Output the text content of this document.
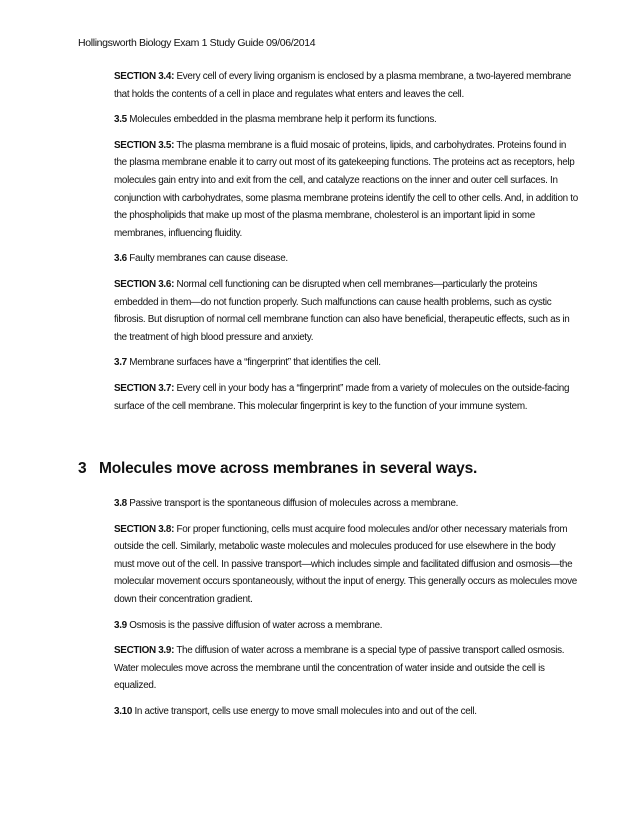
Hollingsworth Biology Exam 1 Study Guide 09/06/2014

SECTION 3.4: Every cell of every living organism is enclosed by a plasma membrane, a two-layered membrane that holds the contents of a cell in place and regulates what enters and leaves the cell.

3.5 Molecules embedded in the plasma membrane help it perform its functions.

SECTION 3.5: The plasma membrane is a fluid mosaic of proteins, lipids, and carbohydrates. Proteins found in the plasma membrane enable it to carry out most of its gatekeeping functions. The proteins act as receptors, help molecules gain entry into and exit from the cell, and catalyze reactions on the inner and outer cell surfaces. In conjunction with carbohydrates, some plasma membrane proteins identify the cell to other cells. And, in addition to the phospholipids that make up most of the plasma membrane, cholesterol is an important lipid in some membranes, influencing fluidity.

3.6 Faulty membranes can cause disease.

SECTION 3.6: Normal cell functioning can be disrupted when cell membranes—particularly the proteins embedded in them—do not function properly. Such malfunctions can cause health problems, such as cystic fibrosis. But disruption of normal cell membrane function can also have beneficial, therapeutic effects, such as in the treatment of high blood pressure and anxiety.

3.7 Membrane surfaces have a “fingerprint” that identifies the cell.

SECTION 3.7: Every cell in your body has a “fingerprint” made from a variety of molecules on the outside-facing surface of the cell membrane. This molecular fingerprint is key to the function of your immune system.

3 Molecules move across membranes in several ways.

3.8 Passive transport is the spontaneous diffusion of molecules across a membrane.

SECTION 3.8: For proper functioning, cells must acquire food molecules and/or other necessary materials from outside the cell. Similarly, metabolic waste molecules and molecules produced for use elsewhere in the body must move out of the cell. In passive transport—which includes simple and facilitated diffusion and osmosis—the molecular movement occurs spontaneously, without the input of energy. This generally occurs as molecules move down their concentration gradient.

3.9 Osmosis is the passive diffusion of water across a membrane.

SECTION 3.9: The diffusion of water across a membrane is a special type of passive transport called osmosis. Water molecules move across the membrane until the concentration of water inside and outside the cell is equalized.

3.10 In active transport, cells use energy to move small molecules into and out of the cell.
